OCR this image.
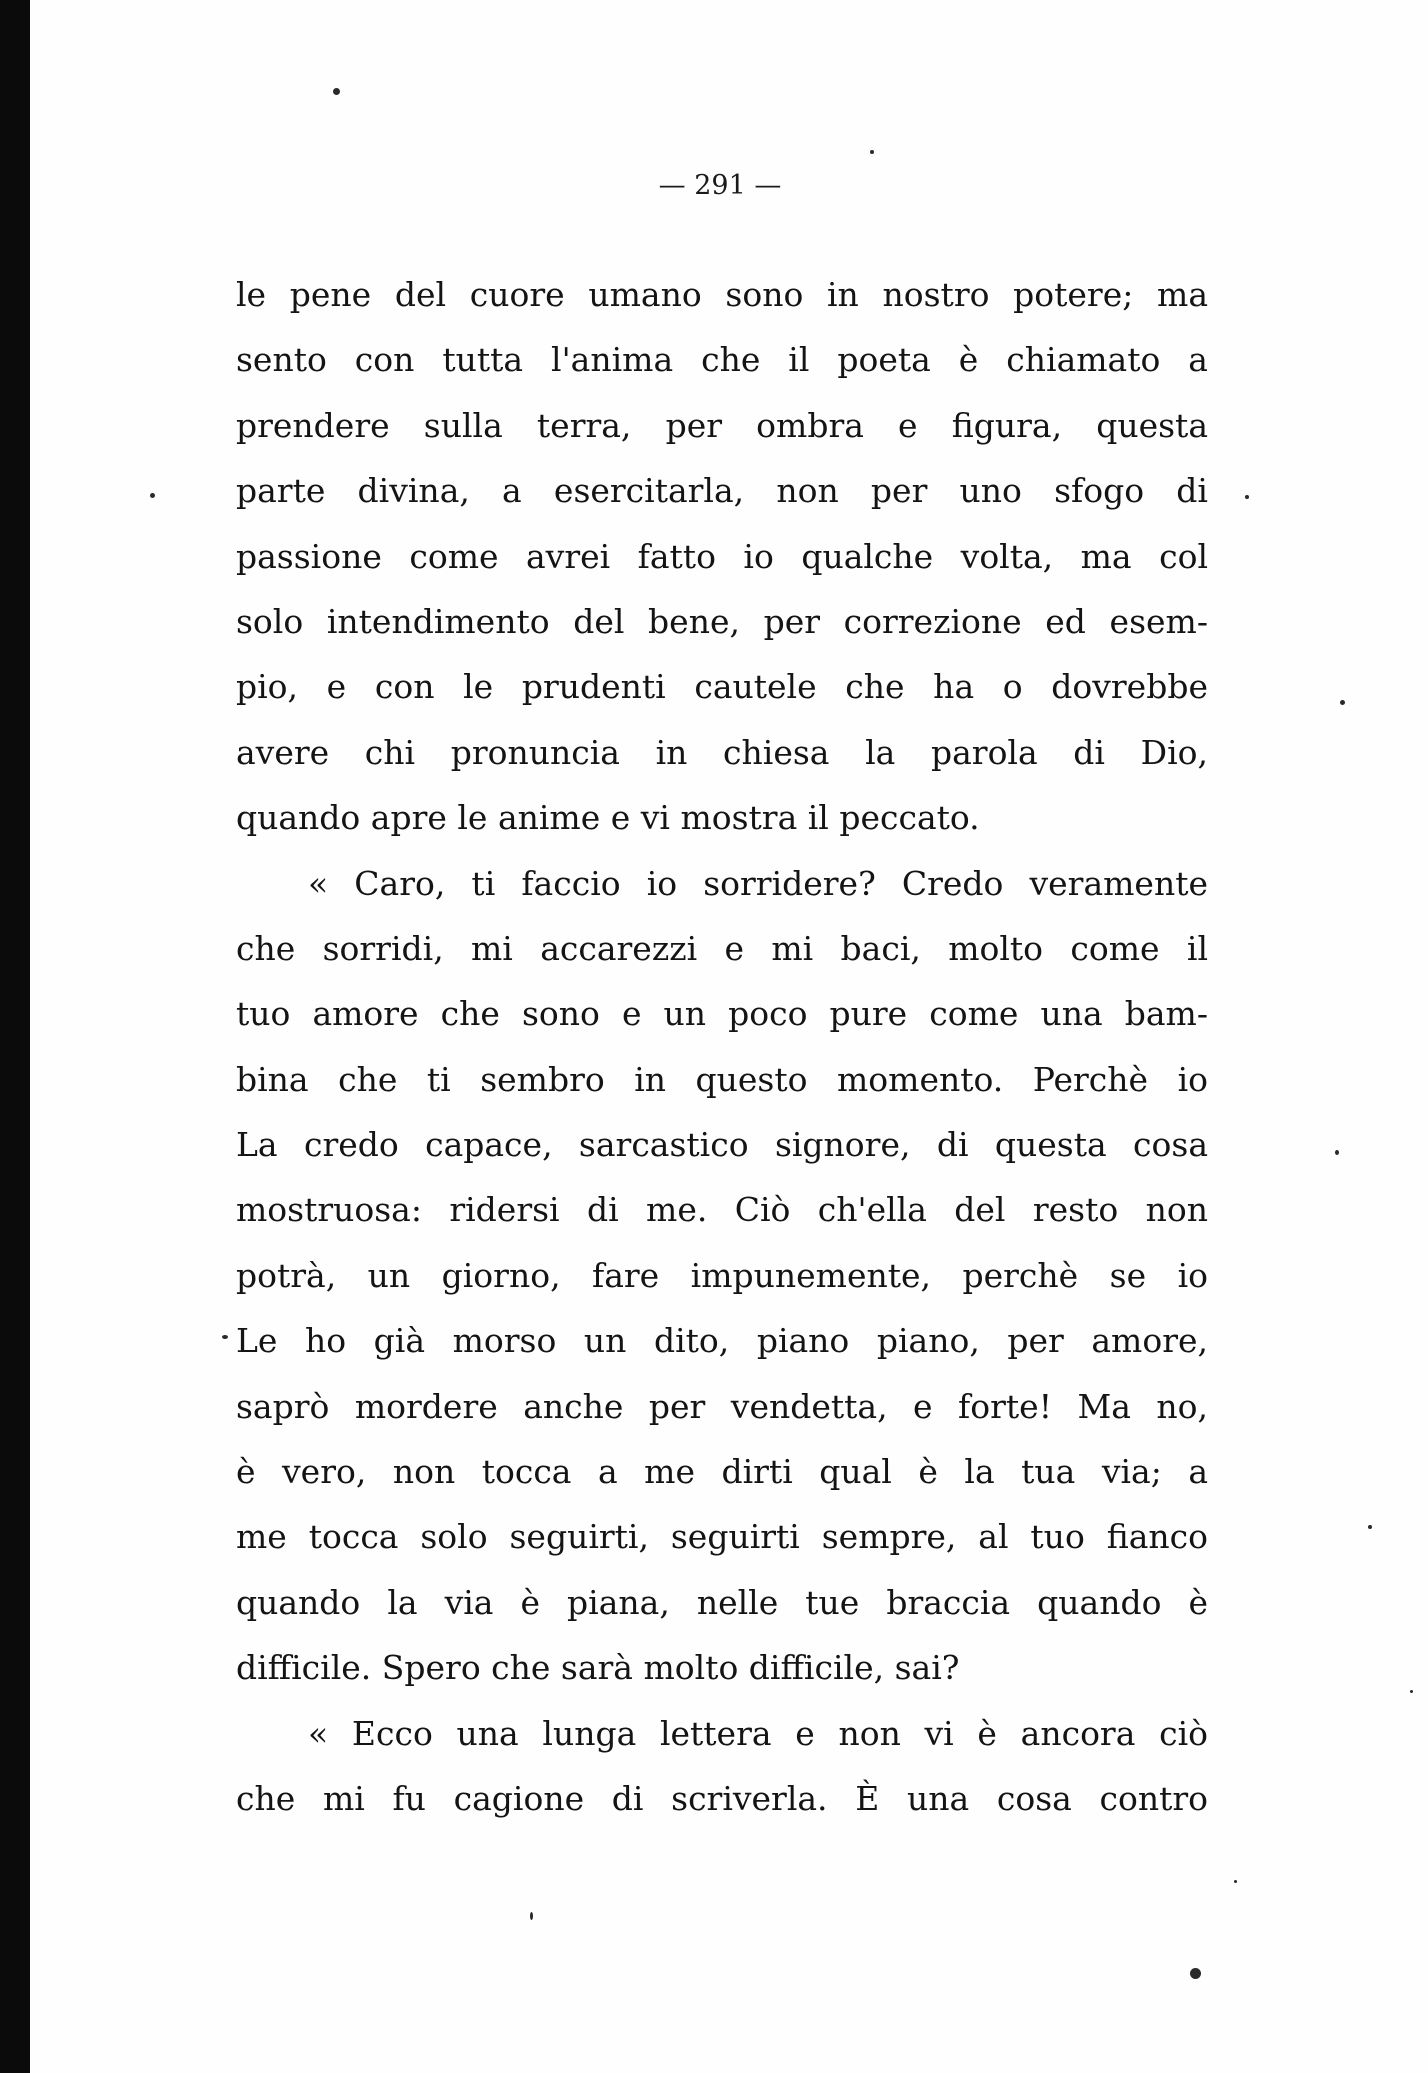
— 291 —
le pene del cuore umano sono in nostro potere; ma
sento con tutta l'anima che il poeta è chiamato a
prendere sulla terra, per ombra e figura, questa
parte divina, a esercitarla, non per uno sfogo di
passione come avrei fatto io qualche volta, ma col
solo intendimento del bene, per correzione ed esem-
pio, e con le prudenti cautele che ha o dovrebbe
avere chi pronuncia in chiesa la parola di Dio,
quando apre le anime e vi mostra il peccato.
« Caro, ti faccio io sorridere? Credo veramente
che sorridi, mi accarezzi e mi baci, molto come il
tuo amore che sono e un poco pure come una bam-
bina che ti sembro in questo momento. Perchè io
La credo capace, sarcastico signore, di questa cosa
mostruosa: ridersi di me. Ciò ch'ella del resto non
potrà, un giorno, fare impunemente, perchè se io
Le ho già morso un dito, piano piano, per amore,
saprò mordere anche per vendetta, e forte! Ma no,
è vero, non tocca a me dirti qual è la tua via; a
me tocca solo seguirti, seguirti sempre, al tuo fianco
quando la via è piana, nelle tue braccia quando è
difficile. Spero che sarà molto difficile, sai?
« Ecco una lunga lettera e non vi è ancora ciò
che mi fu cagione di scriverla. È una cosa contro
